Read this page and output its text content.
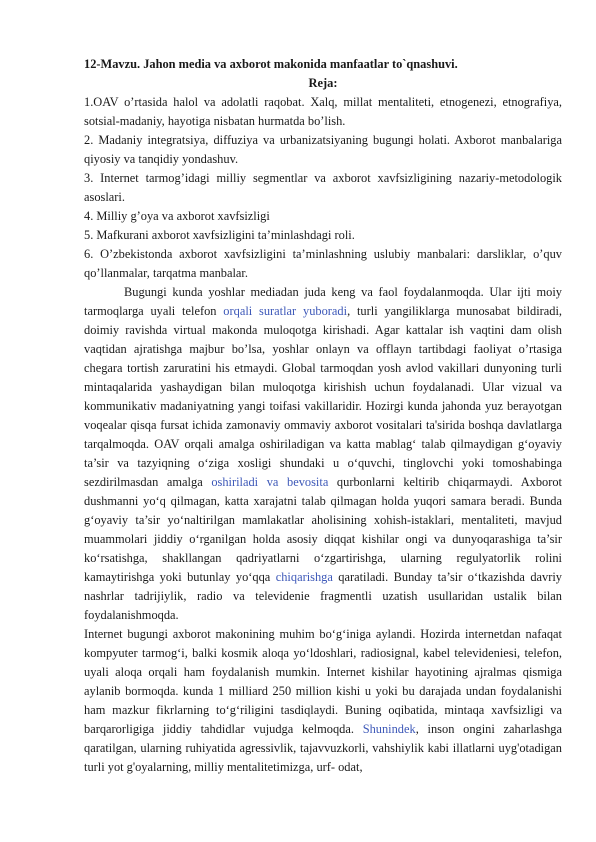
12-Mavzu. Jahon media va axborot makonida manfaatlar to`qnashuvi.

Reja:

1.OAV o’rtasida halol va adolatli raqobat. Xalq, millat mentaliteti, etnogenezi, etnografiya, sotsial-madaniy, hayotiga nisbatan hurmatda bo’lish.

2. Madaniy integratsiya, diffuziya va urbanizatsiyaning bugungi holati. Axborot manbalariga qiyosiy va tanqidiy yondashuv.

3. Internet tarmog’idagi milliy segmentlar va axborot xavfsizligining nazariy-metodologik asoslari.

4. Milliy g’oya va axborot xavfsizligi

5. Mafkurani axborot xavfsizligini ta’minlashdagi roli.

6. O’zbekistonda axborot xavfsizligini ta’minlashning uslubiy manbalari: darsliklar, o’quv qo’llanmalar, tarqatma manbalar.

Bugungi kunda yoshlar mediadan juda keng va faol foydalanmoqda. Ular ijti moiy tarmoqlarga uyali telefon orqali suratlar yuboradi, turli yangiliklarga munosabat bildiradi, doimiy ravishda virtual makonda muloqotga kirishadi. Agar kattalar ish vaqtini dam olish vaqtidan ajratishga majbur bo’lsa, yoshlar onlayn va offlayn tartibdagi faoliyat o’rtasiga chegara tortish zaruratini his etmaydi. Global tarmoqdan yosh avlod vakillari dunyoning turli mintaqalarida yashaydigan bilan muloqotga kirishish uchun foydalanadi. Ular vizual va kommunikativ madaniyatning yangi toifasi vakillaridir. Hozirgi kunda jahonda yuz berayotgan voqealar qisqa fursat ichida zamonaviy ommaviy axborot vositalari ta'sirida boshqa davlatlarga tarqalmoqda. OAV orqali amalga oshiriladigan va katta mablag‘ talab qilmaydigan g‘oyaviy ta’sir va tazyiqning o‘ziga xosligi shundaki u o‘quvchi, tinglovchi yoki tomoshabinga sezdirilmasdan amalga oshiriladi va bevosita qurbonlarni keltirib chiqarmaydi. Axborot dushmanni yo‘q qilmagan, katta xarajatni talab qilmagan holda yuqori samara beradi. Bunda g‘oyaviy ta’sir yo‘naltirilgan mamlakatlar aholisining xohish-istaklari, mentaliteti, mavjud muammolari jiddiy o‘rganilgan holda asosiy diqqat kishilar ongi va dunyoqarashiga ta’sir ko‘rsatishga, shakllangan qadriyatlarni o‘zgartirishga, ularning regulyatorlik rolini kamaytirishga yoki butunlay yo‘qqa chiqarishga qaratiladi. Bunday ta’sir o‘tkazishda davriy nashrlar tadrijiylik, radio va televidenie fragmentli uzatish usullaridan ustalik bilan foydalanishmoqda.

Internet bugungi axborot makonining muhim bo‘g‘iniga aylandi. Hozirda internetdan nafaqat kompyuter tarmog‘i, balki kosmik aloqa yo‘ldoshlari, radiosignal, kabel televideniesi, telefon, uyali aloqa orqali ham foydalanish mumkin. Internet kishilar hayotining ajralmas qismiga aylanib bormoqda. kunda 1 milliard 250 million kishi u yoki bu darajada undan foydalanishi ham mazkur fikrlarning to‘g‘riligini tasdiqlaydi. Buning oqibatida, mintaqa xavfsizligi va barqarorligiga jiddiy tahdidlar vujudga kelmoqda. Shunindek, inson ongini zaharlashga qaratilgan, ularning ruhiyatida agressivlik, tajavvuzkorli, vahshiylik kabi illatlarni uyg'otadigan turli yot g'oyalarning, milliy mentalitetimizga, urf- odat,
